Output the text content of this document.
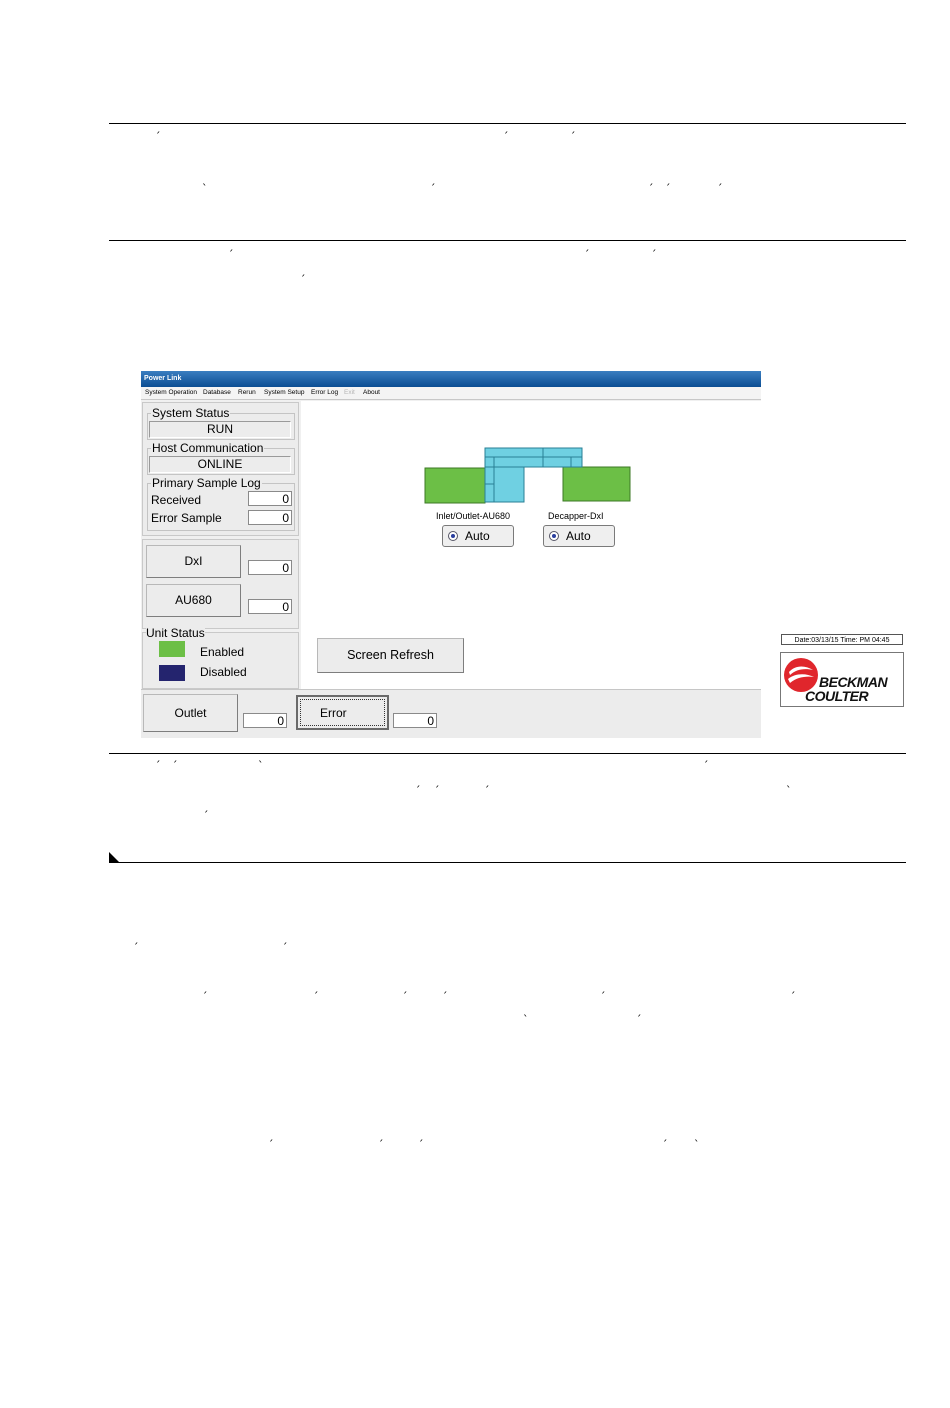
ˊ	ˊ	ˊ
ˋ	ˊ	ˊ ˊ	ˊ
ˊ	ˊ	ˊ
ˊ
ˊ ˊ	ˋ	ˊ
ˊ ˊ	ˊ	ˋ
ˊ
ˊ	ˊ
ˊ	ˊ	ˊ	ˊ	ˊ	ˊ
ˋ	ˊ
ˊ	ˊ	ˊ	ˊ ˋ
Power Link
System Operation Database Rerun System Setup Error Log Exit About
System Status
RUN
Host Communication
ONLINE
Primary Sample Log
Received	0
Error Sample	0
DxI	0
AU680	0
Unit Status
Enabled
Disabled
Inlet/Outlet-AU680	Decapper-DxI
Auto	Auto
Screen Refresh
Date:03/13/15 Time: PM 04:45
BECKMAN
COULTER
Outlet
0
Error
0
